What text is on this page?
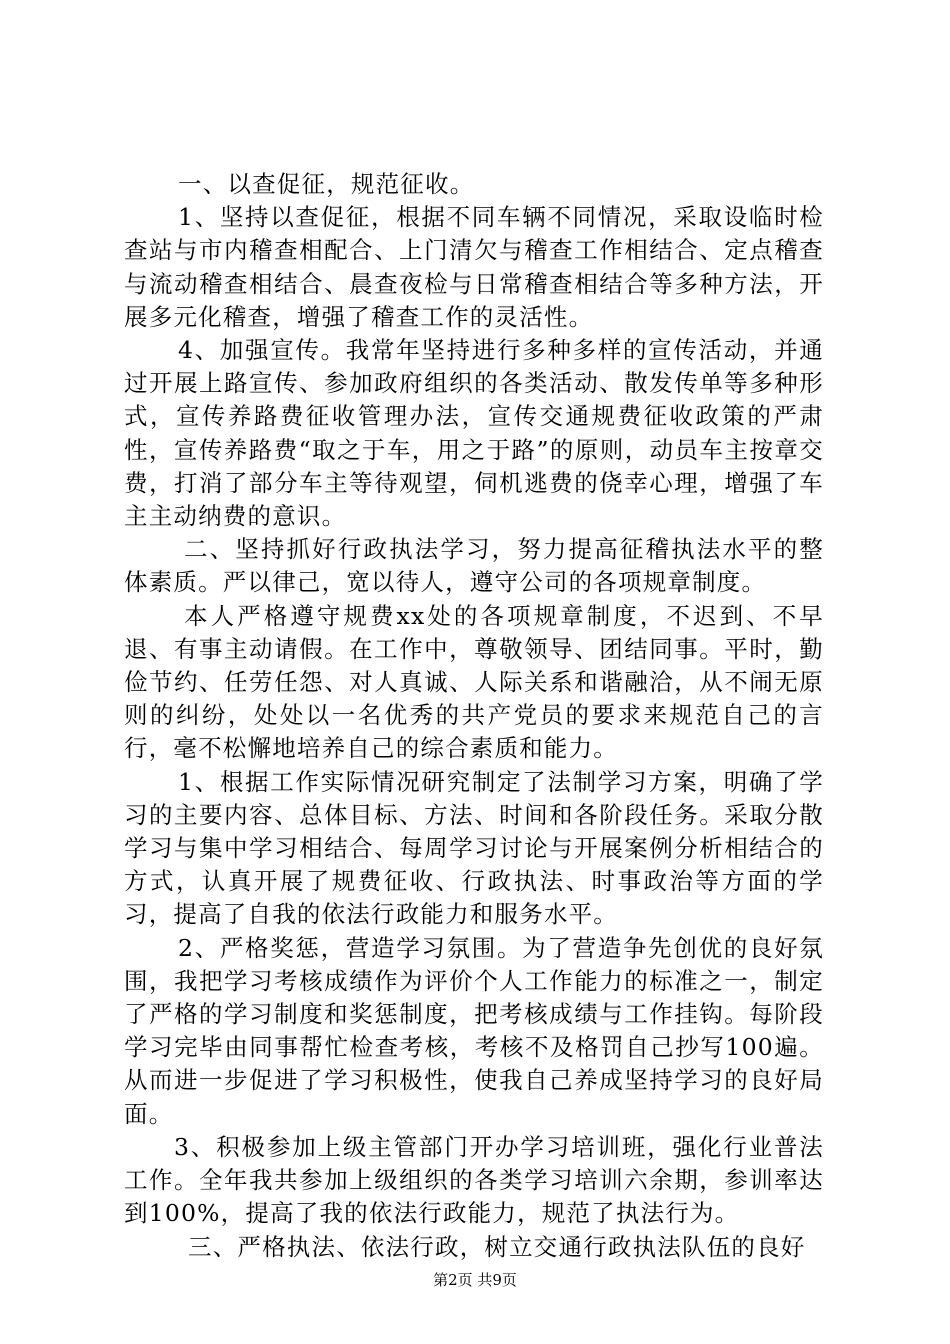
一、以查促征，规范征收。

1、坚持以查促征，根据不同车辆不同情况，采取设临时检查站与市内稽查相配合、上门清欠与稽查工作相结合、定点稽查与流动稽查相结合、晨查夜检与日常稽查相结合等多种方法，开展多元化稽查，增强了稽查工作的灵活性。

4、加强宣传。我常年坚持进行多种多样的宣传活动，并通过开展上路宣传、参加政府组织的各类活动、散发传单等多种形式，宣传养路费征收管理办法，宣传交通规费征收政策的严肃性，宣传养路费“取之于车，用之于路”的原则，动员车主按章交费，打消了部分车主等待观望，伺机逃费的侥幸心理，增强了车主主动纳费的意识。

二、坚持抓好行政执法学习，努力提高征稽执法水平的整体素质。严以律己，宽以待人，遵守公司的各项规章制度。

本人严格遵守规费xx处的各项规章制度，不迟到、不早退、有事主动请假。在工作中，尊敬领导、团结同事。平时，勤俭节约、任劳任怨、对人真诚、人际关系和谐融洽，从不闹无原则的纠纷，处处以一名优秀的共产党员的要求来规范自己的言行，毫不松懈地培养自己的综合素质和能力。

1、根据工作实际情况研究制定了法制学习方案，明确了学习的主要内容、总体目标、方法、时间和各阶段任务。采取分散学习与集中学习相结合、每周学习讨论与开展案例分析相结合的方式，认真开展了规费征收、行政执法、时事政治等方面的学习，提高了自我的依法行政能力和服务水平。

2、严格奖惩，营造学习氛围。为了营造争先创优的良好氛围，我把学习考核成绩作为评价个人工作能力的标准之一，制定了严格的学习制度和奖惩制度，把考核成绩与工作挂钩。每阶段学习完毕由同事帮忙检查考核，考核不及格罚自己抄写100遍。从而进一步促进了学习积极性，使我自己养成坚持学习的良好局面。

3、积极参加上级主管部门开办学习培训班，强化行业普法工作。全年我共参加上级组织的各类学习培训六余期，参训率达到100%，提高了我的依法行政能力，规范了执法行为。

三、严格执法、依法行政，树立交通行政执法队伍的良好

第2页 共9页
